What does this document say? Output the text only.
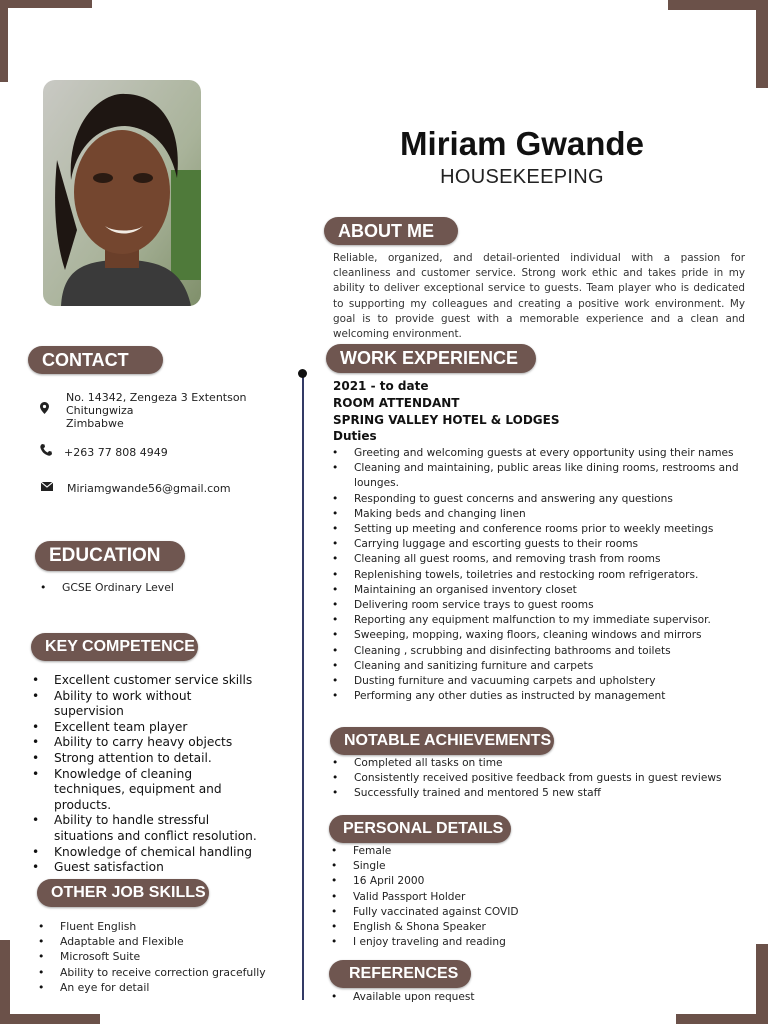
Miriam Gwande
HOUSEKEEPING
ABOUT ME
Reliable, organized, and detail-oriented individual with a passion for cleanliness and customer service. Strong work ethic and takes pride in my ability to deliver exceptional service to guests. Team player who is dedicated to supporting my colleagues and creating a positive work environment. My goal is to provide guest with a memorable experience and a clean and welcoming environment.
CONTACT
No. 14342, Zengeza 3 Extentson
Chitungwiza
Zimbabwe
+263 77 808 4949
Miriamgwande56@gmail.com
EDUCATION
• GCSE Ordinary Level
KEY COMPETENCE
• Excellent customer service skills
• Ability to work without supervision
• Excellent team player
• Ability to carry heavy objects
• Strong attention to detail.
• Knowledge of cleaning techniques, equipment and products.
• Ability to handle stressful situations and conflict resolution.
• Knowledge of chemical handling
• Guest satisfaction
OTHER JOB SKILLS
• Fluent English
• Adaptable and Flexible
• Microsoft Suite
• Ability to receive correction gracefully
• An eye for detail
WORK EXPERIENCE
2021 - to date
ROOM ATTENDANT
SPRING VALLEY HOTEL & LODGES
Duties
• Greeting and welcoming guests at every opportunity using their names
• Cleaning and maintaining, public areas like dining rooms, restrooms and lounges.
• Responding to guest concerns and answering any questions
• Making beds and changing linen
• Setting up meeting and conference rooms prior to weekly meetings
• Carrying luggage and escorting guests to their rooms
• Cleaning all guest rooms, and removing trash from rooms
• Replenishing towels, toiletries and restocking room refrigerators.
• Maintaining an organised inventory closet
• Delivering room service trays to guest rooms
• Reporting any equipment malfunction to my immediate supervisor.
• Sweeping, mopping, waxing floors, cleaning windows and mirrors
• Cleaning , scrubbing and disinfecting bathrooms and toilets
• Cleaning and sanitizing furniture and carpets
• Dusting furniture and vacuuming carpets and upholstery
• Performing any other duties as instructed by management
NOTABLE ACHIEVEMENTS
• Completed all tasks on time
• Consistently received positive feedback from guests in guest reviews
• Successfully trained and mentored 5 new staff
PERSONAL DETAILS
• Female
• Single
• 16 April 2000
• Valid Passport Holder
• Fully vaccinated against COVID
• English & Shona Speaker
• I enjoy traveling and reading
REFERENCES
• Available upon request
